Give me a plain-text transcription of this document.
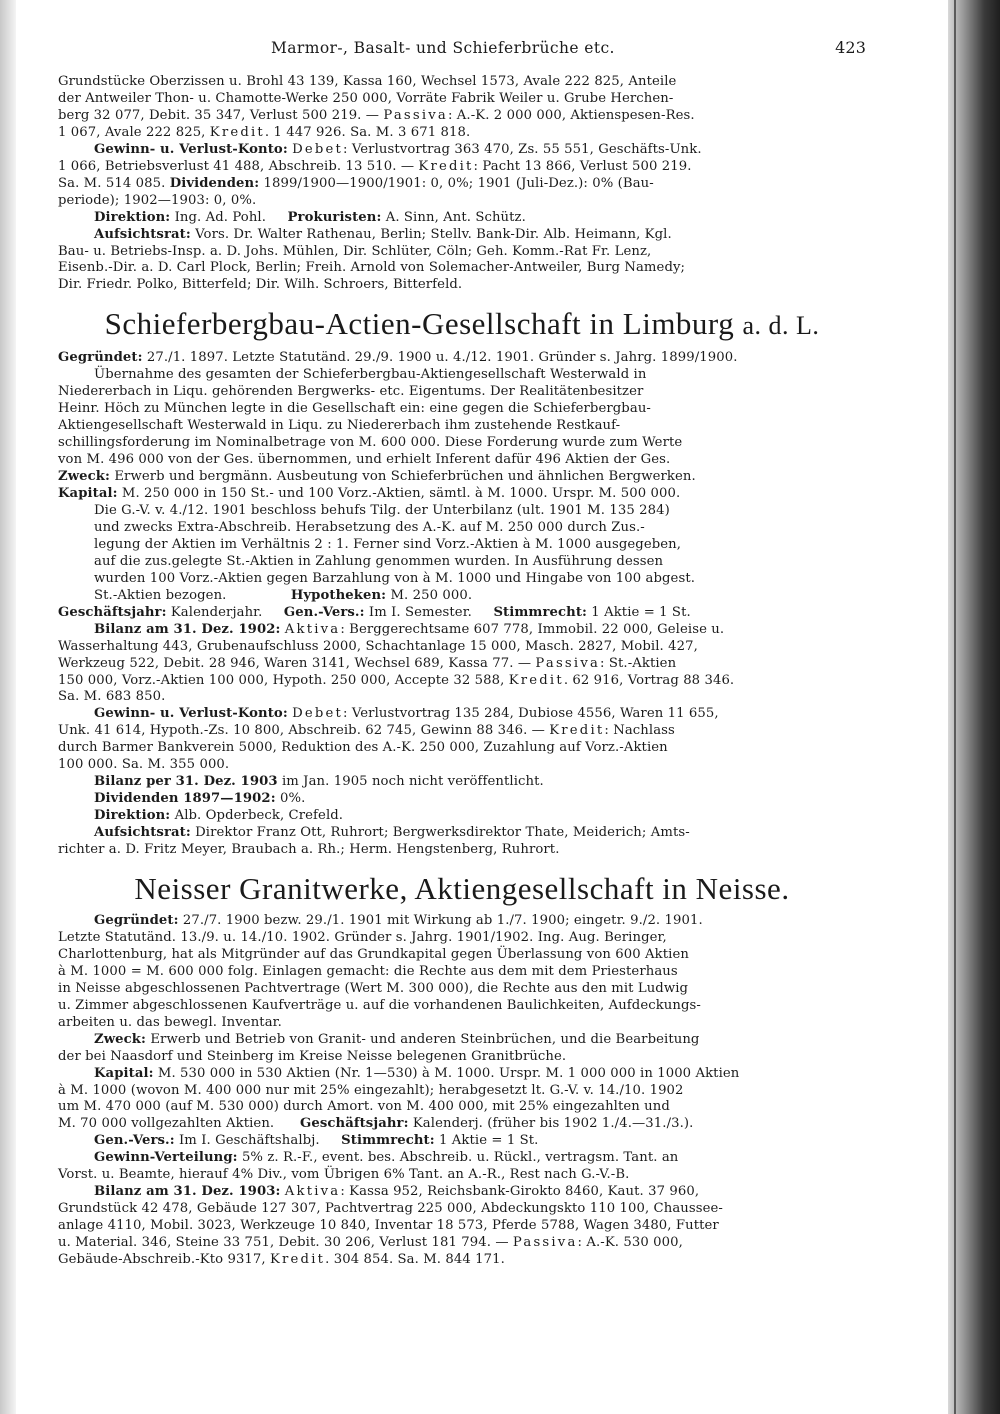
Marmor-, Basalt- und Schieferbrüche etc.	423
Grundstücke Oberzissen u. Brohl 43 139, Kassa 160, Wechsel 1573, Avale 222 825, Anteile
der Antweiler Thon- u. Chamotte-Werke 250 000, Vorräte Fabrik Weiler u. Grube Herchen-
berg 32 077, Debit. 35 347, Verlust 500 219. — Passiva: A.-K. 2 000 000, Aktienspesen-Res.
1 067, Avale 222 825, Kredit. 1 447 926. Sa. M. 3 671 818.
Gewinn- u. Verlust-Konto: Debet: Verlustvortrag 363 470, Zs. 55 551, Geschäfts-Unk.
1 066, Betriebsverlust 41 488, Abschreib. 13 510. — Kredit: Pacht 13 866, Verlust 500 219.
Sa. M. 514 085. Dividenden: 1899/1900—1900/1901: 0, 0%; 1901 (Juli-Dez.): 0% (Bau-
periode); 1902—1903: 0, 0%.
Direktion: Ing. Ad. Pohl. Prokuristen: A. Sinn, Ant. Schütz.
Aufsichtsrat: Vors. Dr. Walter Rathenau, Berlin; Stellv. Bank-Dir. Alb. Heimann, Kgl.
Bau- u. Betriebs-Insp. a. D. Johs. Mühlen, Dir. Schlüter, Cöln; Geh. Komm.-Rat Fr. Lenz,
Eisenb.-Dir. a. D. Carl Plock, Berlin; Freih. Arnold von Solemacher-Antweiler, Burg Namedy;
Dir. Friedr. Polko, Bitterfeld; Dir. Wilh. Schroers, Bitterfeld.
Schieferbergbau-Actien-Gesellschaft in Limburg a. d. L.
Gegründet: 27./1. 1897. Letzte Statutänd. 29./9. 1900 u. 4./12. 1901. Gründer s. Jahrg. 1899/1900.
Übernahme des gesamten der Schieferbergbau-Aktiengesellschaft Westerwald in
Niedererbach in Liqu. gehörenden Bergwerks- etc. Eigentums. Der Realitätenbesitzer
Heinr. Höch zu München legte in die Gesellschaft ein: eine gegen die Schieferbergbau-
Aktiengesellschaft Westerwald in Liqu. zu Niedererbach ihm zustehende Restkauf-
schillingsforderung im Nominalbetrage von M. 600 000. Diese Forderung wurde zum Werte
von M. 496 000 von der Ges. übernommen, und erhielt Inferent dafür 496 Aktien der Ges.
Zweck: Erwerb und bergmänn. Ausbeutung von Schieferbrüchen und ähnlichen Bergwerken.
Kapital: M. 250 000 in 150 St.- und 100 Vorz.-Aktien, sämtl. à M. 1000. Urspr. M. 500 000.
Die G.-V. v. 4./12. 1901 beschloss behufs Tilg. der Unterbilanz (ult. 1901 M. 135 284)
und zwecks Extra-Abschreib. Herabsetzung des A.-K. auf M. 250 000 durch Zus.-
legung der Aktien im Verhältnis 2 : 1. Ferner sind Vorz.-Aktien à M. 1000 ausgegeben,
auf die zus.gelegte St.-Aktien in Zahlung genommen wurden. In Ausführung dessen
wurden 100 Vorz.-Aktien gegen Barzahlung von à M. 1000 und Hingabe von 100 abgest.
St.-Aktien bezogen.	Hypotheken: M. 250 000.
Geschäftsjahr: Kalenderjahr. Gen.-Vers.: Im I. Semester. Stimmrecht: 1 Aktie = 1 St.
Bilanz am 31. Dez. 1902: Aktiva: Berggerechtsame 607 778, Immobil. 22 000, Geleise u.
Wasserhaltung 443, Grubenaufschluss 2000, Schachtanlage 15 000, Masch. 2827, Mobil. 427,
Werkzeug 522, Debit. 28 946, Waren 3141, Wechsel 689, Kassa 77. — Passiva: St.-Aktien
150 000, Vorz.-Aktien 100 000, Hypoth. 250 000, Accepte 32 588, Kredit. 62 916, Vortrag 88 346.
Sa. M. 683 850.
Gewinn- u. Verlust-Konto: Debet: Verlustvortrag 135 284, Dubiose 4556, Waren 11 655,
Unk. 41 614, Hypoth.-Zs. 10 800, Abschreib. 62 745, Gewinn 88 346. — Kredit: Nachlass
durch Barmer Bankverein 5000, Reduktion des A.-K. 250 000, Zuzahlung auf Vorz.-Aktien
100 000. Sa. M. 355 000.
Bilanz per 31. Dez. 1903 im Jan. 1905 noch nicht veröffentlicht.
Dividenden 1897—1902: 0%.
Direktion: Alb. Opderbeck, Crefeld.
Aufsichtsrat: Direktor Franz Ott, Ruhrort; Bergwerksdirektor Thate, Meiderich; Amts-
richter a. D. Fritz Meyer, Braubach a. Rh.; Herm. Hengstenberg, Ruhrort.
Neisser Granitwerke, Aktiengesellschaft in Neisse.
Gegründet: 27./7. 1900 bezw. 29./1. 1901 mit Wirkung ab 1./7. 1900; eingetr. 9./2. 1901.
Letzte Statutänd. 13./9. u. 14./10. 1902. Gründer s. Jahrg. 1901/1902. Ing. Aug. Beringer,
Charlottenburg, hat als Mitgründer auf das Grundkapital gegen Überlassung von 600 Aktien
à M. 1000 = M. 600 000 folg. Einlagen gemacht: die Rechte aus dem mit dem Priesterhaus
in Neisse abgeschlossenen Pachtvertrage (Wert M. 300 000), die Rechte aus den mit Ludwig
u. Zimmer abgeschlossenen Kaufverträge u. auf die vorhandenen Baulichkeiten, Aufdeckungs-
arbeiten u. das bewegl. Inventar.
Zweck: Erwerb und Betrieb von Granit- und anderen Steinbrüchen, und die Bearbeitung
der bei Naasdorf und Steinberg im Kreise Neisse belegenen Granitbrüche.
Kapital: M. 530 000 in 530 Aktien (Nr. 1—530) à M. 1000. Urspr. M. 1 000 000 in 1000 Aktien
à M. 1000 (wovon M. 400 000 nur mit 25% eingezahlt); herabgesetzt lt. G.-V. v. 14./10. 1902
um M. 470 000 (auf M. 530 000) durch Amort. von M. 400 000, mit 25% eingezahlten und
M. 70 000 vollgezahlten Aktien. Geschäftsjahr: Kalenderj. (früher bis 1902 1./4.—31./3.).
Gen.-Vers.: Im I. Geschäftshalbj. Stimmrecht: 1 Aktie = 1 St.
Gewinn-Verteilung: 5% z. R.-F., event. bes. Abschreib. u. Rückl., vertragsm. Tant. an
Vorst. u. Beamte, hierauf 4% Div., vom Übrigen 6% Tant. an A.-R., Rest nach G.-V.-B.
Bilanz am 31. Dez. 1903: Aktiva: Kassa 952, Reichsbank-Girokto 8460, Kaut. 37 960,
Grundstück 42 478, Gebäude 127 307, Pachtvertrag 225 000, Abdeckungskto 110 100, Chaussee-
anlage 4110, Mobil. 3023, Werkzeuge 10 840, Inventar 18 573, Pferde 5788, Wagen 3480, Futter
u. Material. 346, Steine 33 751, Debit. 30 206, Verlust 181 794. — Passiva: A.-K. 530 000,
Gebäude-Abschreib.-Kto 9317, Kredit. 304 854. Sa. M. 844 171.
